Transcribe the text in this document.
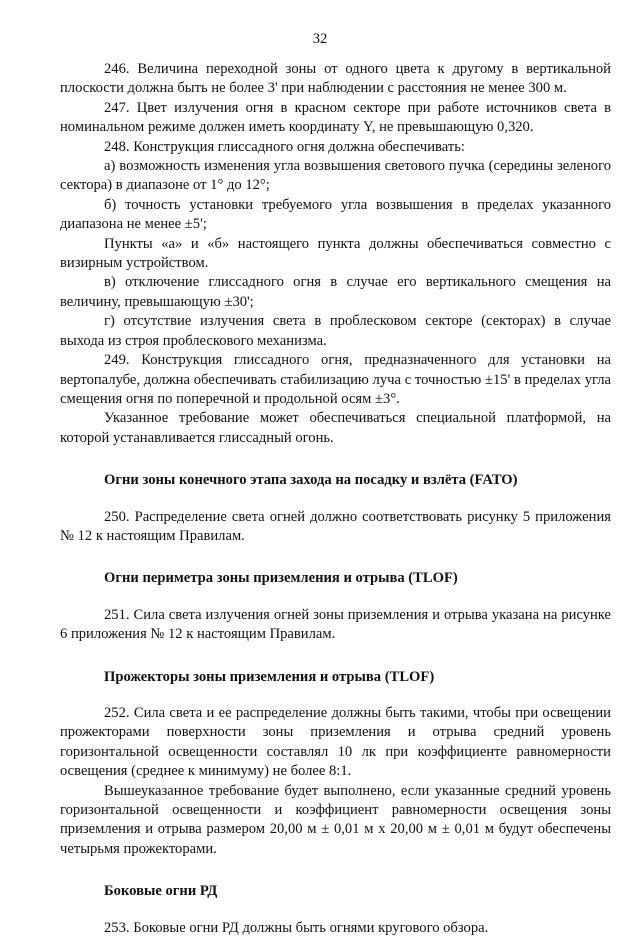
32

246. Величина переходной зоны от одного цвета к другому в вертикальной плоскости должна быть не более 3' при наблюдении с расстояния не менее 300 м.

247. Цвет излучения огня в красном секторе при работе источников света в номинальном режиме должен иметь координату Y, не превышающую 0,320.

248. Конструкция глиссадного огня должна обеспечивать:

а) возможность изменения угла возвышения светового пучка (середины зеленого сектора) в диапазоне от 1° до 12°;

б) точность установки требуемого угла возвышения в пределах указанного диапазона не менее ±5';

Пункты «а» и «б» настоящего пункта должны обеспечиваться совместно с визирным устройством.

в) отключение глиссадного огня в случае его вертикального смещения на величину, превышающую ±30';

г) отсутствие излучения света в проблесковом секторе (секторах) в случае выхода из строя проблескового механизма.

249. Конструкция глиссадного огня, предназначенного для установки на вертопалубе, должна обеспечивать стабилизацию луча с точностью ±15' в пределах угла смещения огня по поперечной и продольной осям ±3°.

Указанное требование может обеспечиваться специальной платформой, на которой устанавливается глиссадный огонь.

Огни зоны конечного этапа захода на посадку и взлёта (FATO)

250. Распределение света огней должно соответствовать рисунку 5 приложения № 12 к настоящим Правилам.

Огни периметра зоны приземления и отрыва (TLOF)

251. Сила света излучения огней зоны приземления и отрыва указана на рисунке 6 приложения № 12 к настоящим Правилам.

Прожекторы зоны приземления и отрыва (TLOF)

252. Сила света и ее распределение должны быть такими, чтобы при освещении прожекторами поверхности зоны приземления и отрыва средний уровень горизонтальной освещенности составлял 10 лк при коэффициенте равномерности освещения (среднее к минимуму) не более 8:1.

Вышеуказанное требование будет выполнено, если указанные средний уровень горизонтальной освещенности и коэффициент равномерности освещения зоны приземления и отрыва размером 20,00 м ± 0,01 м х 20,00 м ± 0,01 м будут обеспечены четырьмя прожекторами.

Боковые огни РД

253. Боковые огни РД должны быть огнями кругового обзора.
